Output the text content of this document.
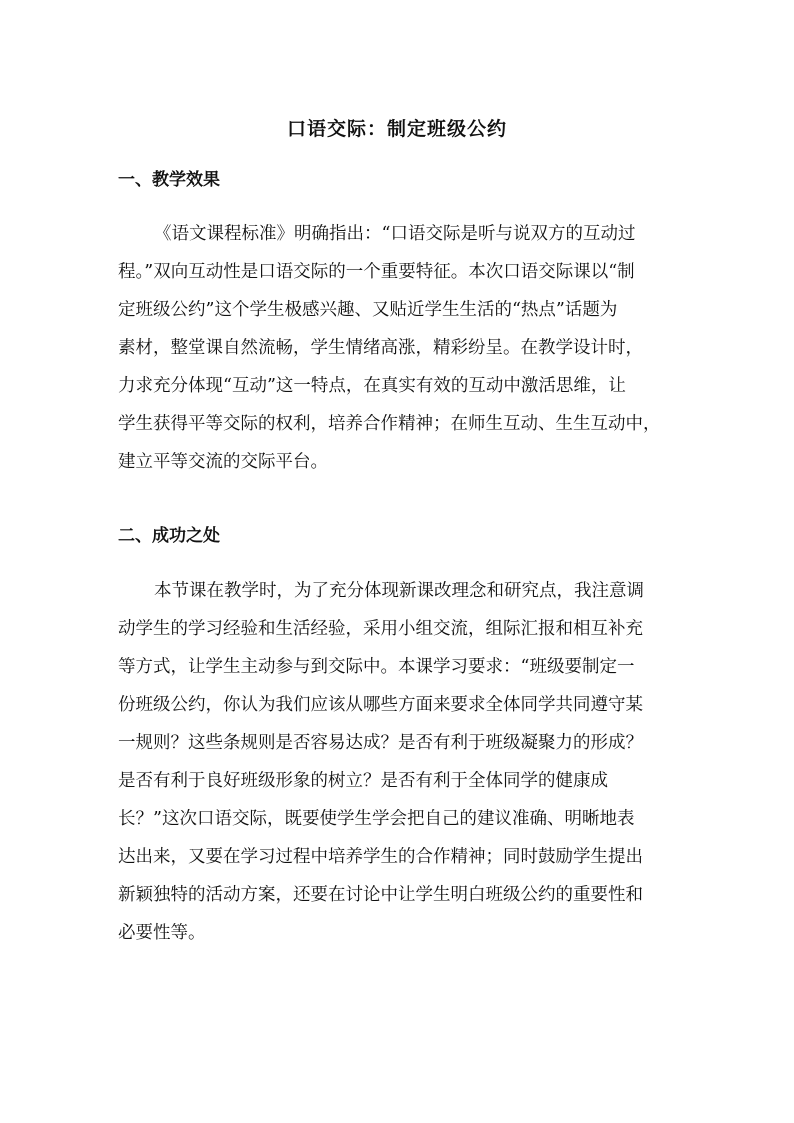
口语交际：制定班级公约
一、教学效果
《语文课程标准》明确指出：“口语交际是听与说双方的互动过
程。”双向互动性是口语交际的一个重要特征。本次口语交际课以“制
定班级公约”这个学生极感兴趣、又贴近学生生活的“热点”话题为
素材，整堂课自然流畅，学生情绪高涨，精彩纷呈。在教学设计时，
力求充分体现“互动”这一特点，在真实有效的互动中激活思维，让
学生获得平等交际的权利，培养合作精神；在师生互动、生生互动中，
建立平等交流的交际平台。
二、成功之处
本节课在教学时，为了充分体现新课改理念和研究点，我注意调
动学生的学习经验和生活经验，采用小组交流，组际汇报和相互补充
等方式，让学生主动参与到交际中。本课学习要求：“班级要制定一
份班级公约，你认为我们应该从哪些方面来要求全体同学共同遵守某
一规则？这些条规则是否容易达成？是否有利于班级凝聚力的形成？
是否有利于良好班级形象的树立？是否有利于全体同学的健康成
长？”这次口语交际，既要使学生学会把自己的建议准确、明晰地表
达出来，又要在学习过程中培养学生的合作精神；同时鼓励学生提出
新颖独特的活动方案，还要在讨论中让学生明白班级公约的重要性和
必要性等。
